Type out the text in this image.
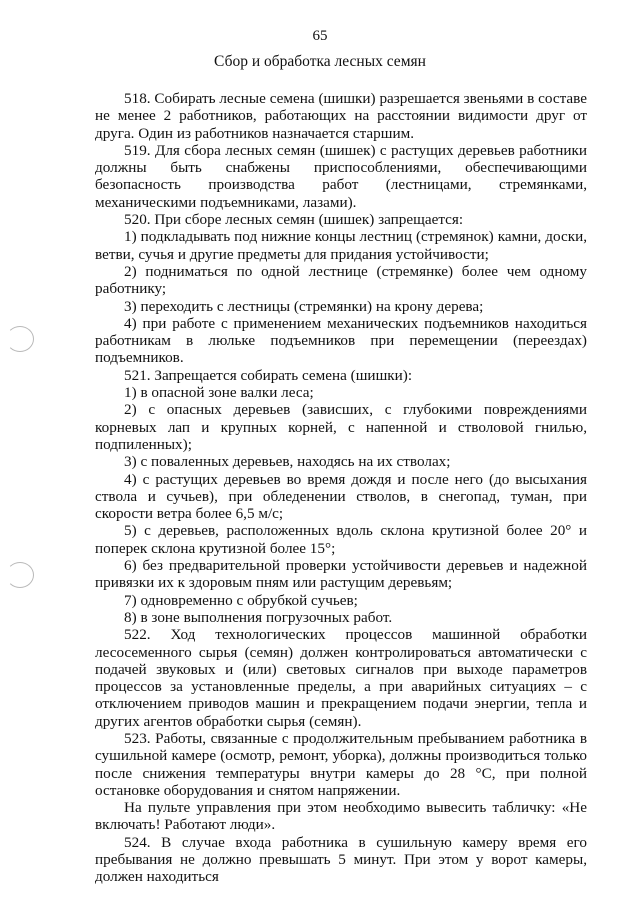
65
Сбор и обработка лесных семян

518. Собирать лесные семена (шишки) разрешается звеньями в составе не менее 2 работников, работающих на расстоянии видимости друг от друга. Один из работников назначается старшим.

519. Для сбора лесных семян (шишек) с растущих деревьев работники должны быть снабжены приспособлениями, обеспечивающими безопасность производства работ (лестницами, стремянками, механическими подъемниками, лазами).

520. При сборе лесных семян (шишек) запрещается:

1) подкладывать под нижние концы лестниц (стремянок) камни, доски, ветви, сучья и другие предметы для придания устойчивости;

2) подниматься по одной лестнице (стремянке) более чем одному работнику;

3) переходить с лестницы (стремянки) на крону дерева;

4) при работе с применением механических подъемников находиться работникам в люльке подъемников при перемещении (переездах) подъемников.

521. Запрещается собирать семена (шишки):

1) в опасной зоне валки леса;

2) с опасных деревьев (зависших, с глубокими повреждениями корневых лап и крупных корней, с напенной и стволовой гнилью, подпиленных);

3) с поваленных деревьев, находясь на их стволах;

4) с растущих деревьев во время дождя и после него (до высыхания ствола и сучьев), при обледенении стволов, в снегопад, туман, при скорости ветра более 6,5 м/с;

5) с деревьев, расположенных вдоль склона крутизной более 20° и поперек склона крутизной более 15°;

6) без предварительной проверки устойчивости деревьев и надежной привязки их к здоровым пням или растущим деревьям;

7) одновременно с обрубкой сучьев;

8) в зоне выполнения погрузочных работ.

522. Ход технологических процессов машинной обработки лесосеменного сырья (семян) должен контролироваться автоматически с подачей звуковых и (или) световых сигналов при выходе параметров процессов за установленные пределы, а при аварийных ситуациях – с отключением приводов машин и прекращением подачи энергии, тепла и других агентов обработки сырья (семян).

523. Работы, связанные с продолжительным пребыванием работника в сушильной камере (осмотр, ремонт, уборка), должны производиться только после снижения температуры внутри камеры до 28 °С, при полной остановке оборудования и снятом напряжении.

На пульте управления при этом необходимо вывесить табличку: «Не включать! Работают люди».

524. В случае входа работника в сушильную камеру время его пребывания не должно превышать 5 минут. При этом у ворот камеры, должен находиться
